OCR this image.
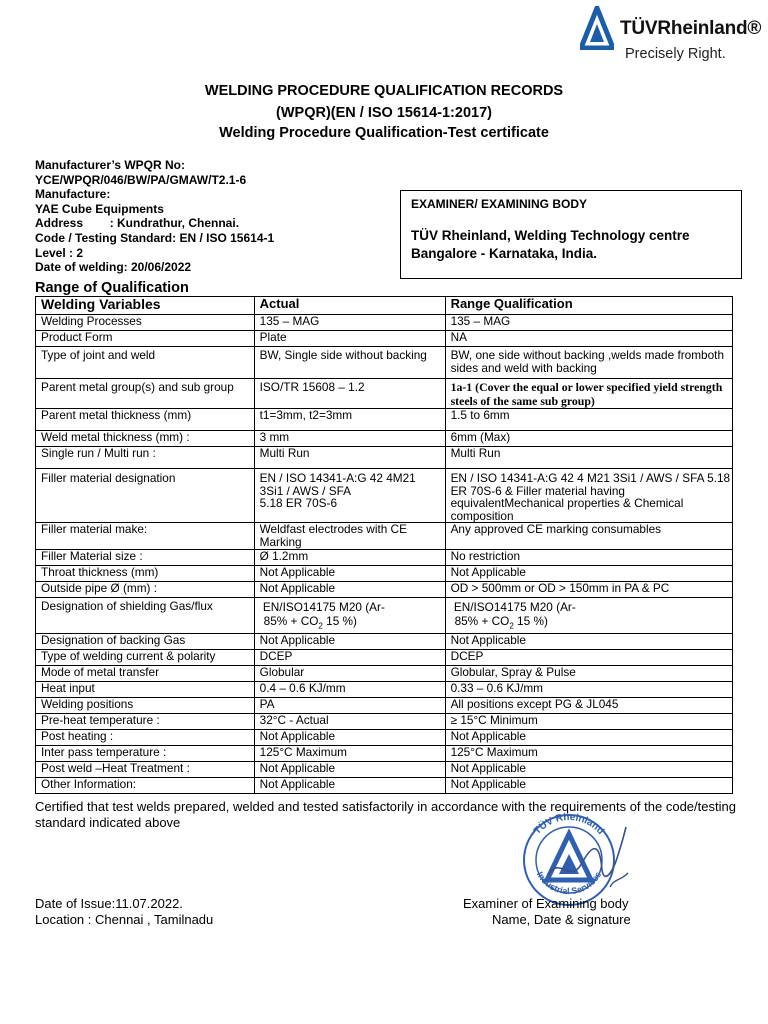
TÜVRheinland®
Precisely Right.
WELDING PROCEDURE QUALIFICATION RECORDS
(WPQR)(EN / ISO 15614-1:2017)
Welding Procedure Qualification-Test certificate
Manufacturer’s WPQR No:
YCE/WPQR/046/BW/PA/GMAW/T2.1-6
Manufacture:
YAE Cube Equipments
Address        : Kundrathur, Chennai.
Code / Testing Standard: EN / ISO 15614-1
Level : 2
Date of welding: 20/06/2022
EXAMINER/ EXAMINING BODY
TÜV Rheinland, Welding Technology centre
Bangalore - Karnataka, India.
Range of Qualification
Welding Variables	Actual	Range Qualification
Welding Processes	135 – MAG	135 – MAG
Product Form	Plate	NA
Type of joint and weld	BW, Single side without backing	BW, one side without backing ,welds made fromboth sides and weld with backing
Parent metal group(s) and sub group	ISO/TR 15608 – 1.2	1a-1 (Cover the equal or lower specified yield strength steels of the same sub group)
Parent metal thickness (mm)	t1=3mm, t2=3mm	1.5 to 6mm
Weld metal thickness (mm) :	3 mm	6mm (Max)
Single run / Multi run :	Multi Run	Multi Run
Filler material designation	EN / ISO 14341-A:G 42 4M21
3Si1 / AWS / SFA
5.18 ER 70S-6	EN / ISO 14341-A:G 42 4 M21 3Si1 / AWS / SFA 5.18 ER 70S-6 & Filler material having equivalentMechanical properties & Chemical composition
Filler material make:	Weldfast electrodes with CE Marking	Any approved CE marking consumables
Filler Material size :	Ø 1.2mm	No restriction
Throat thickness (mm)	Not Applicable	Not Applicable
Outside pipe Ø (mm) :	Not Applicable	OD > 500mm or OD > 150mm in PA & PC
Designation of shielding Gas/flux	EN/ISO14175 M20 (Ar-
$85\% + CO_2$ 15 %)	EN/ISO14175 M20 (Ar-
$85\% + CO_2$ 15 %)
Designation of backing Gas	Not Applicable	Not Applicable
Type of welding current & polarity	DCEP	DCEP
Mode of metal transfer	Globular	Globular, Spray & Pulse
Heat input	0.4 – 0.6 KJ/mm	0.33 – 0.6 KJ/mm
Welding positions	PA	All positions except PG & JL045
Pre-heat temperature :	32°C - Actual	≥ 15°C Minimum
Post heating :	Not Applicable	Not Applicable
Inter pass temperature :	125°C Maximum	125°C Maximum
Post weld –Heat Treatment :	Not Applicable	Not Applicable
Other Information:	Not Applicable	Not Applicable
Certified that test welds prepared, welded and tested satisfactorily in accordance with the requirements of the code/testing standard indicated above
TÜV Rheinland
Industrial Services
Date of Issue:11.07.2022.
Location : Chennai , Tamilnadu
Examiner of Examining body
Name, Date & signature
